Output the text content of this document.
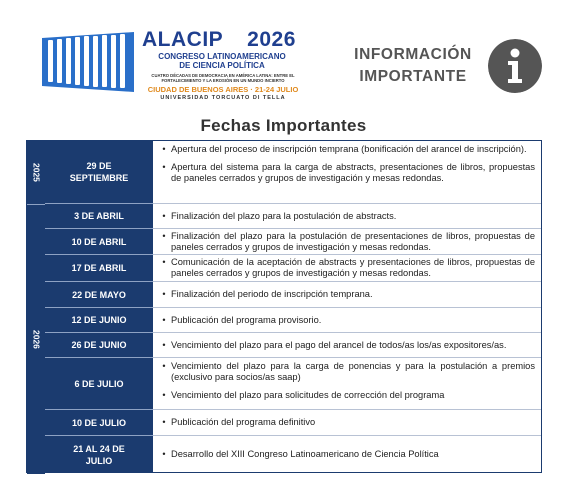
ALACIP 2026
CONGRESO LATINOAMERICANO
DE CIENCIA POLÍTICA
CUATRO DÉCADAS DE DEMOCRACIA EN AMÉRICA LATINA: ENTRE EL
FORTALECIMIENTO Y LA EROSIÓN EN UN MUNDO INCIERTO
CIUDAD DE BUENOS AIRES · 21-24 JULIO
UNIVERSIDAD TORCUATO DI TELLA
INFORMACIÓN
IMPORTANTE
Fechas Importantes
2025
2026
29 DE SEPTIEMBRE
• Apertura del proceso de inscripción temprana (bonificación del arancel de inscripción).
• Apertura del sistema para la carga de abstracts, presentaciones de libros, propuestas de paneles cerrados y grupos de investigación y mesas redondas.
3 DE ABRIL	• Finalización del plazo para la postulación de abstracts.
10 DE ABRIL
• Finalización del plazo para la postulación de presentaciones de libros, propuestas de paneles cerrados y grupos de investigación y mesas redondas.
17 DE ABRIL
• Comunicación de la aceptación de abstracts y presentaciones de libros, propuestas de paneles cerrados y grupos de investigación y mesas redondas.
22 DE MAYO	• Finalización del periodo de inscripción temprana.
12 DE JUNIO	• Publicación del programa provisorio.
26 DE JUNIO	• Vencimiento del plazo para el pago del arancel de todos/as los/as expositores/as.
6 DE JULIO
• Vencimiento del plazo para la carga de ponencias y para la postulación a premios (exclusivo para socios/as saap)
• Vencimiento del plazo para solicitudes de corrección del programa
10 DE JULIO	• Publicación del programa definitivo
21 AL 24 DE JULIO
• Desarrollo del XIII Congreso Latinoamericano de Ciencia Política
